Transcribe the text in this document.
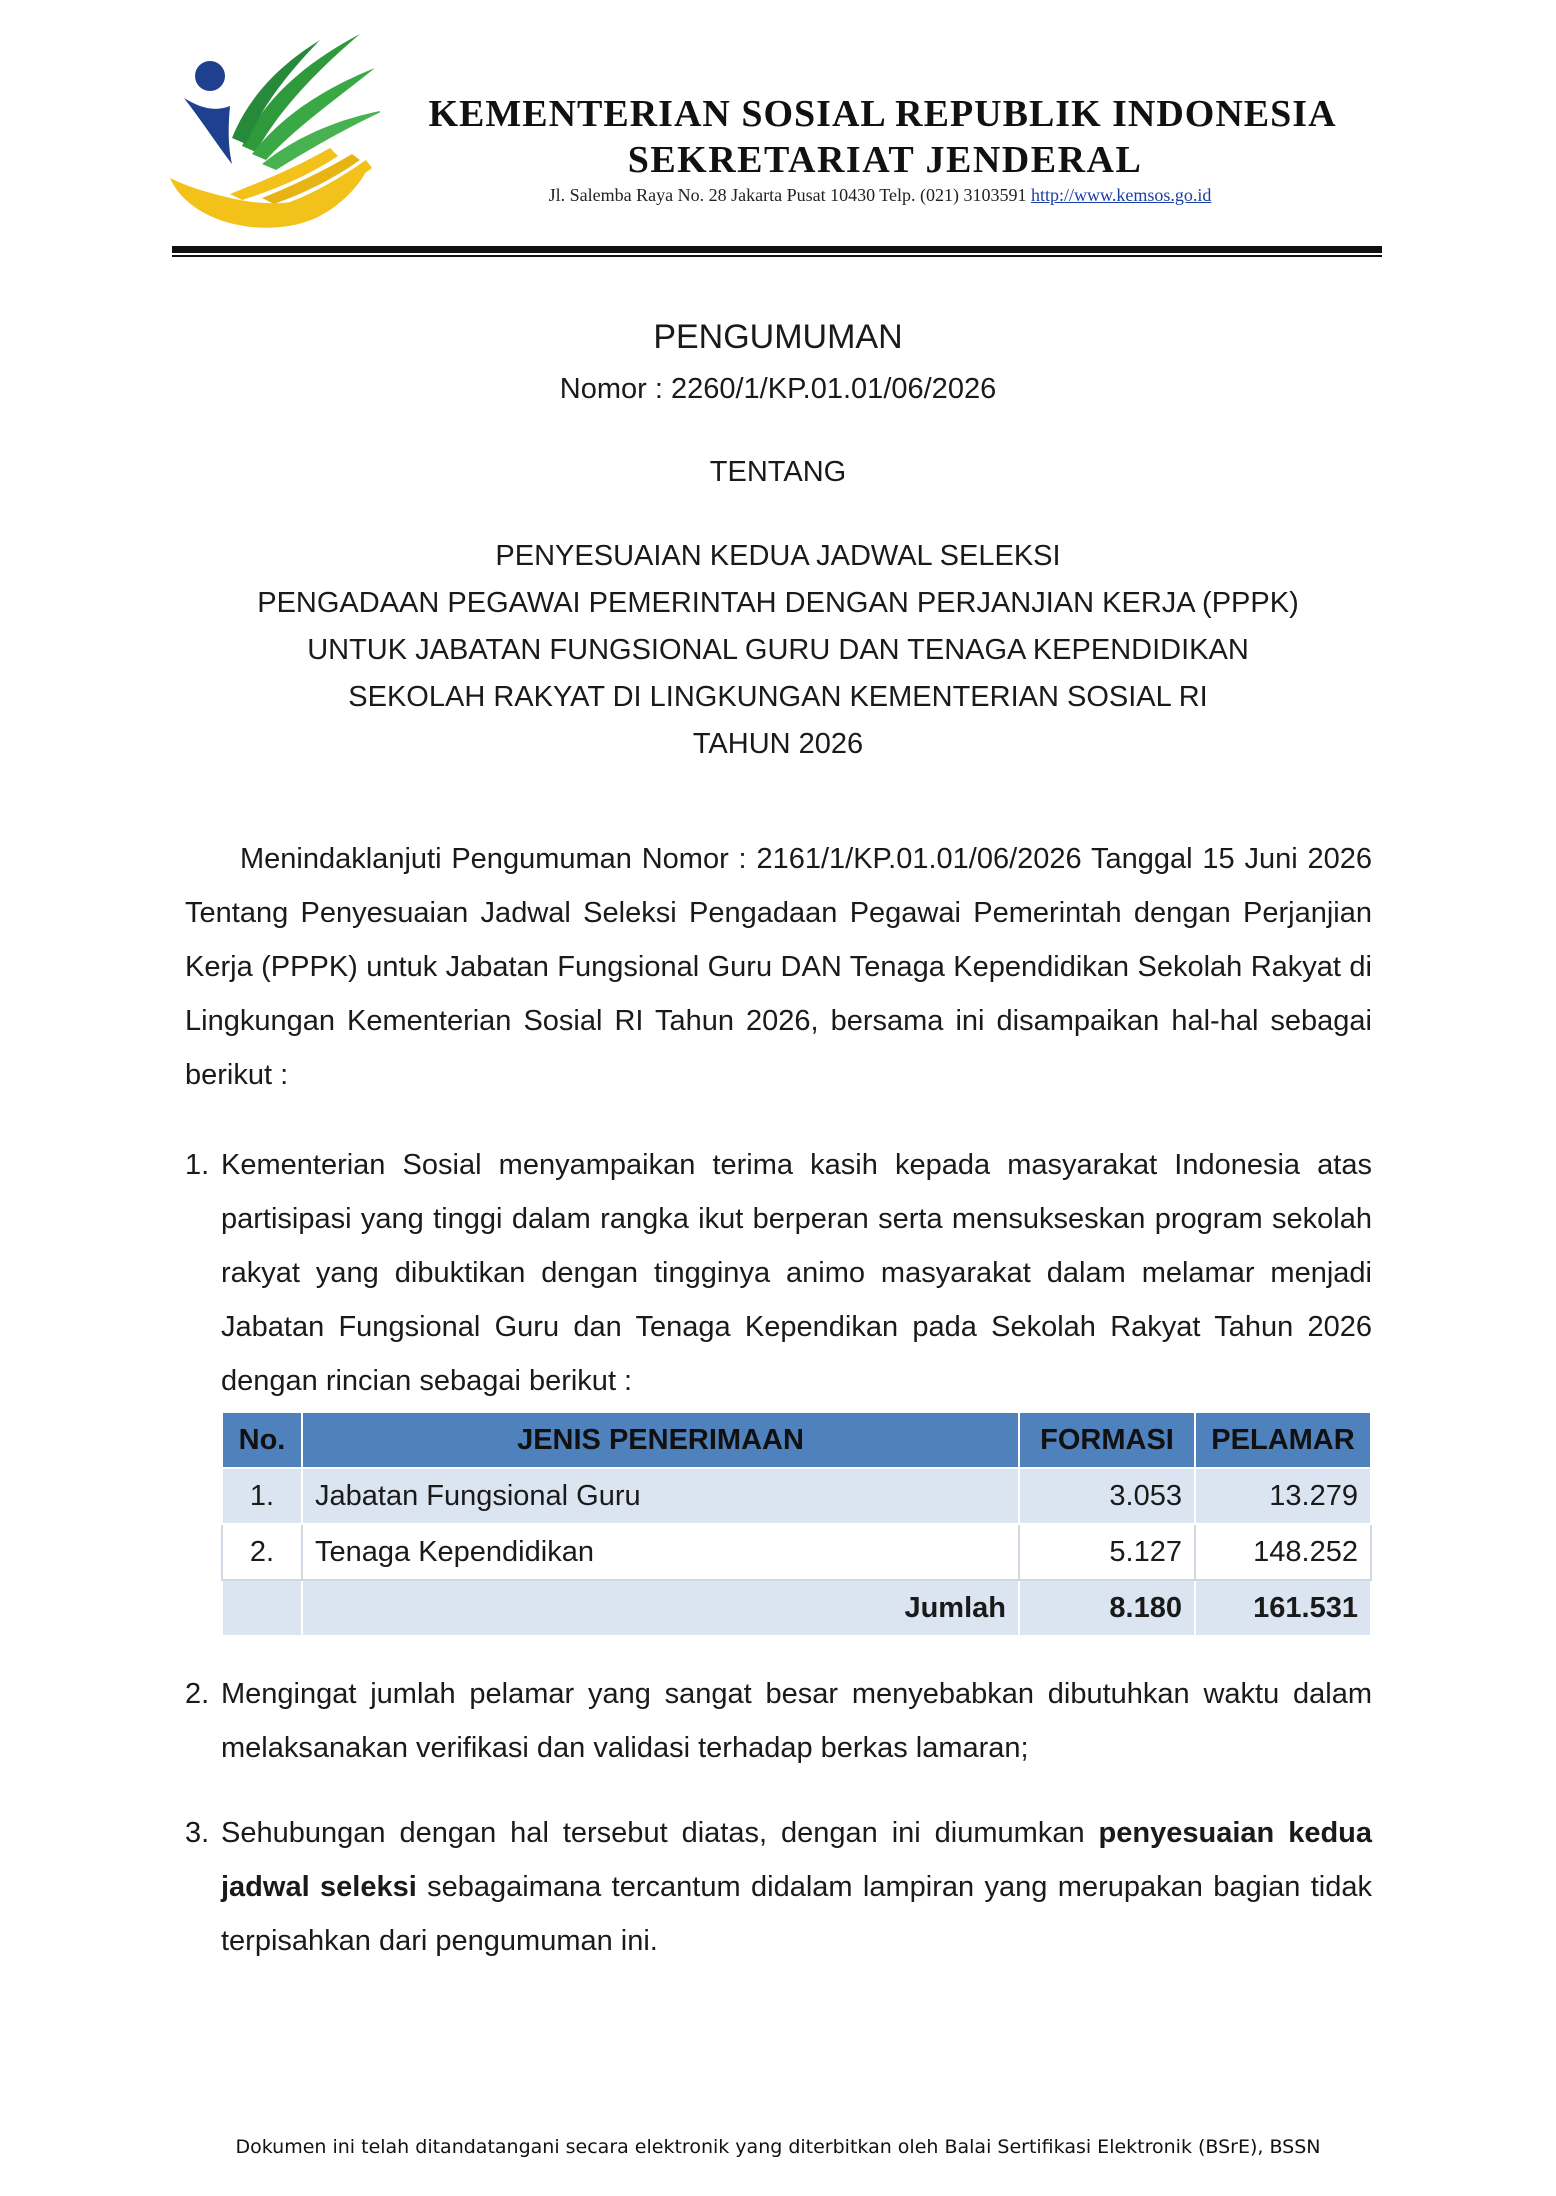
KEMENTERIAN SOSIAL REPUBLIK INDONESIA
SEKRETARIAT JENDERAL
Jl. Salemba Raya No. 28 Jakarta Pusat 10430 Telp. (021) 3103591 http://www.kemsos.go.id
PENGUMUMAN
Nomor : 2260/1/KP.01.01/06/2026
TENTANG
PENYESUAIAN KEDUA JADWAL SELEKSI
PENGADAAN PEGAWAI PEMERINTAH DENGAN PERJANJIAN KERJA (PPPK)
UNTUK JABATAN FUNGSIONAL GURU DAN TENAGA KEPENDIDIKAN
SEKOLAH RAKYAT DI LINGKUNGAN KEMENTERIAN SOSIAL RI
TAHUN 2026
Menindaklanjuti Pengumuman Nomor : 2161/1/KP.01.01/06/2026 Tanggal 15 Juni 2026 Tentang Penyesuaian Jadwal Seleksi Pengadaan Pegawai Pemerintah dengan Perjanjian Kerja (PPPK) untuk Jabatan Fungsional Guru DAN Tenaga Kependidikan Sekolah Rakyat di Lingkungan Kementerian Sosial RI Tahun 2026, bersama ini disampaikan hal-hal sebagai berikut :
1. Kementerian Sosial menyampaikan terima kasih kepada masyarakat Indonesia atas partisipasi yang tinggi dalam rangka ikut berperan serta mensukseskan program sekolah rakyat yang dibuktikan dengan tingginya animo masyarakat dalam melamar menjadi Jabatan Fungsional Guru dan Tenaga Kependikan pada Sekolah Rakyat Tahun 2026 dengan rincian sebagai berikut :
No.	JENIS PENERIMAAN	FORMASI	PELAMAR
1.	Jabatan Fungsional Guru	3.053	13.279
2.	Tenaga Kependidikan	5.127	148.252
	Jumlah	8.180	161.531
2. Mengingat jumlah pelamar yang sangat besar menyebabkan dibutuhkan waktu dalam melaksanakan verifikasi dan validasi terhadap berkas lamaran;
3. Sehubungan dengan hal tersebut diatas, dengan ini diumumkan penyesuaian kedua jadwal seleksi sebagaimana tercantum didalam lampiran yang merupakan bagian tidak terpisahkan dari pengumuman ini.
Dokumen ini telah ditandatangani secara elektronik yang diterbitkan oleh Balai Sertifikasi Elektronik (BSrE), BSSN
